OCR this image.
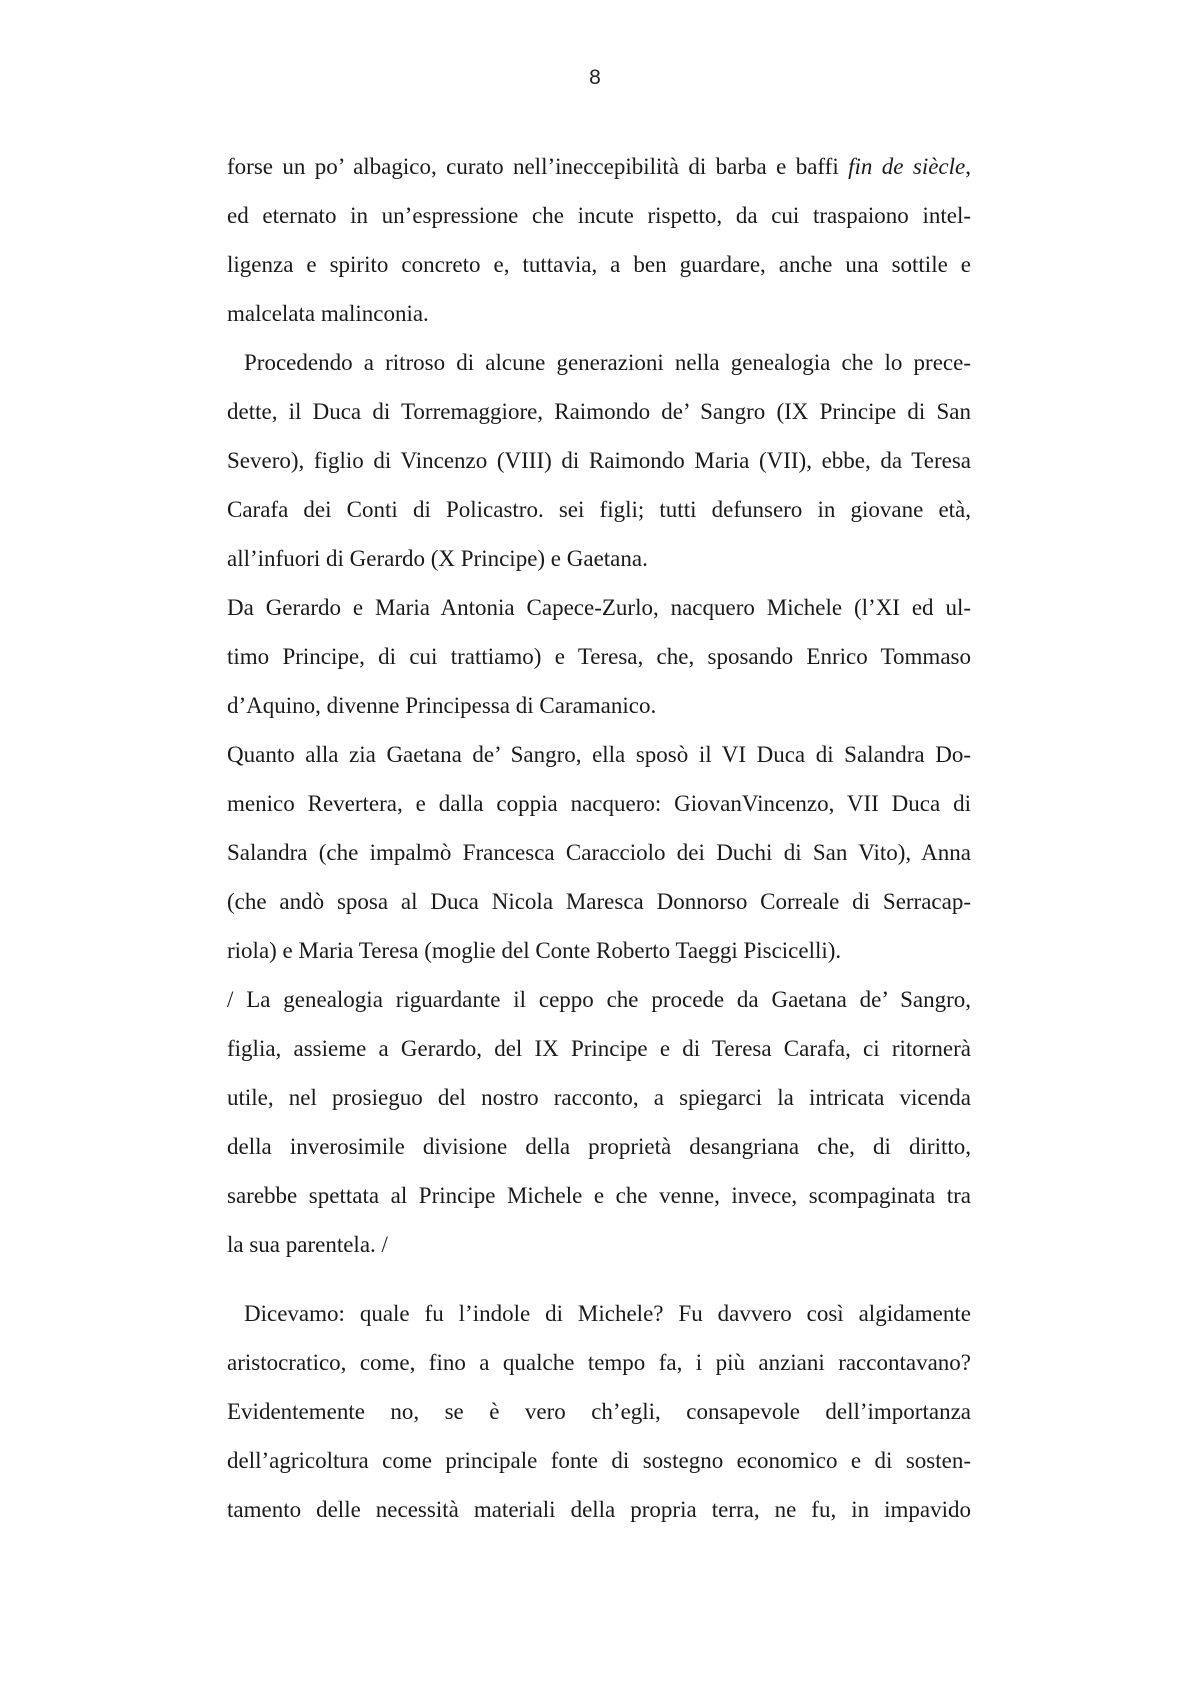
8
forse un po’ albagico, curato nell’ineccepibilità di barba e baffi fin de siècle,
ed eternato in un’espressione che incute rispetto, da cui traspaiono intel-
ligenza e spirito concreto e, tuttavia, a ben guardare, anche una sottile e
malcelata malinconia.
Procedendo a ritroso di alcune generazioni nella genealogia che lo prece-
dette, il Duca di Torremaggiore, Raimondo de’ Sangro (IX Principe di San
Severo), figlio di Vincenzo (VIII) di Raimondo Maria (VII), ebbe, da Teresa
Carafa dei Conti di Policastro. sei figli; tutti defunsero in giovane età,
all’infuori di Gerardo (X Principe) e Gaetana.
Da Gerardo e Maria Antonia Capece-Zurlo, nacquero Michele (l’XI ed ul-
timo Principe, di cui trattiamo) e Teresa, che, sposando Enrico Tommaso
d’Aquino, divenne Principessa di Caramanico.
Quanto alla zia Gaetana de’ Sangro, ella sposò il VI Duca di Salandra Do-
menico Revertera, e dalla coppia nacquero: GiovanVincenzo, VII Duca di
Salandra (che impalmò Francesca Caracciolo dei Duchi di San Vito), Anna
(che andò sposa al Duca Nicola Maresca Donnorso Correale di Serracap-
riola) e Maria Teresa (moglie del Conte Roberto Taeggi Piscicelli).
/ La genealogia riguardante il ceppo che procede da Gaetana de’ Sangro,
figlia, assieme a Gerardo, del IX Principe e di Teresa Carafa, ci ritornerà
utile, nel prosieguo del nostro racconto, a spiegarci la intricata vicenda
della inverosimile divisione della proprietà desangriana che, di diritto,
sarebbe spettata al Principe Michele e che venne, invece, scompaginata tra
la sua parentela. /
Dicevamo: quale fu l’indole di Michele? Fu davvero così algidamente
aristocratico, come, fino a qualche tempo fa, i più anziani raccontavano?
Evidentemente no, se è vero ch’egli, consapevole dell’importanza
dell’agricoltura come principale fonte di sostegno economico e di sosten-
tamento delle necessità materiali della propria terra, ne fu, in impavido
